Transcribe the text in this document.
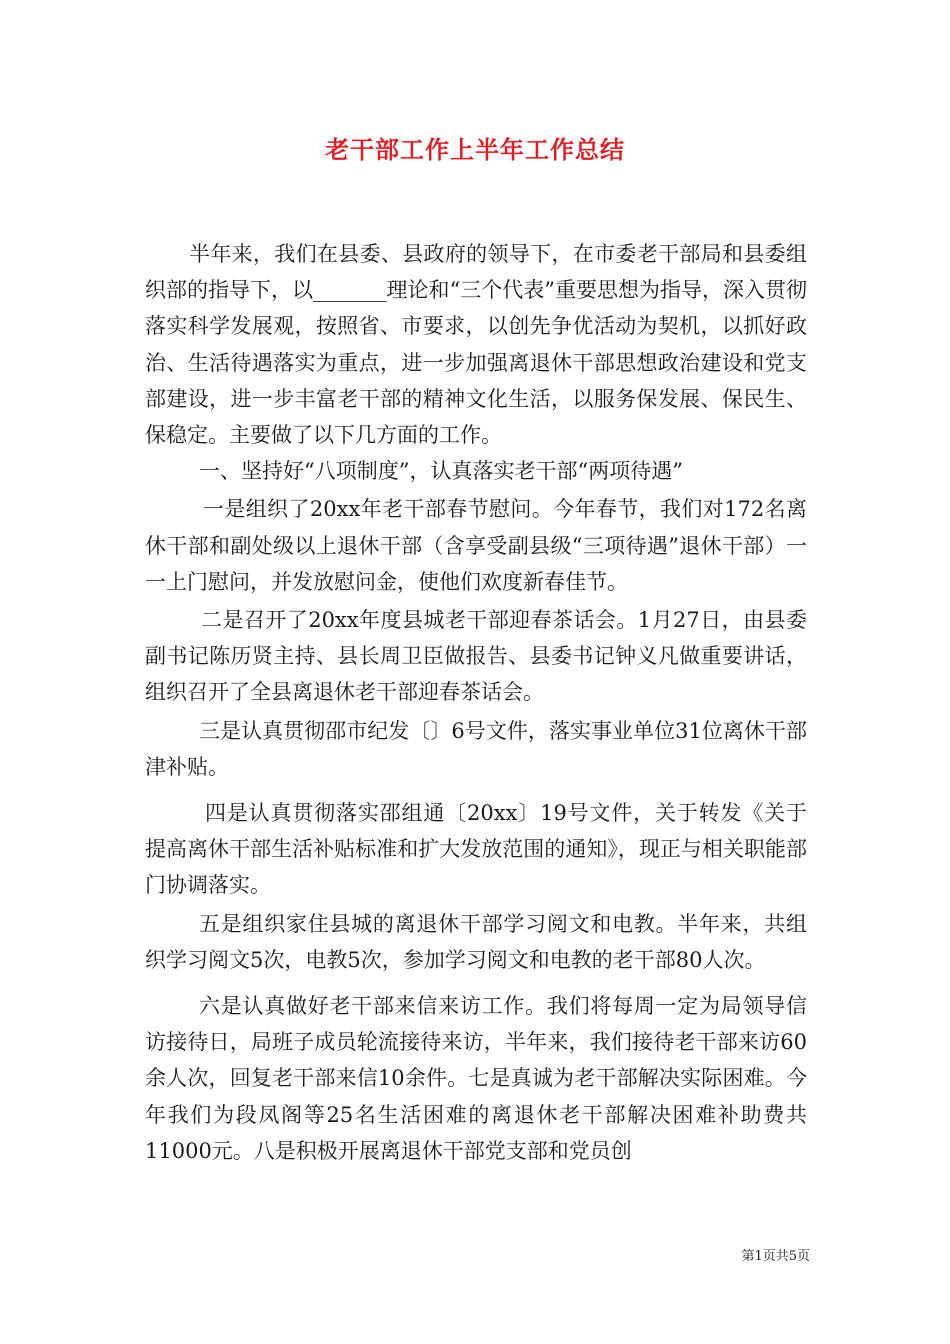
老干部工作上半年工作总结

半年来，我们在县委、县政府的领导下，在市委老干部局和县委组织部的指导下，以_______理论和“三个代表”重要思想为指导，深入贯彻落实科学发展观，按照省、市要求，以创先争优活动为契机，以抓好政治、生活待遇落实为重点，进一步加强离退休干部思想政治建设和党支部建设，进一步丰富老干部的精神文化生活，以服务保发展、保民生、保稳定。主要做了以下几方面的工作。

一、坚持好“八项制度”，认真落实老干部“两项待遇”

一是组织了20xx年老干部春节慰问。今年春节，我们对172名离休干部和副处级以上退休干部（含享受副县级“三项待遇”退休干部）一一上门慰问，并发放慰问金，使他们欢度新春佳节。

二是召开了20xx年度县城老干部迎春茶话会。1月27日，由县委副书记陈历贤主持、县长周卫臣做报告、县委书记钟义凡做重要讲话，组织召开了全县离退休老干部迎春茶话会。

三是认真贯彻邵市纪发〔〕6号文件，落实事业单位31位离休干部津补贴。

四是认真贯彻落实邵组通〔20xx〕19号文件，关于转发《关于提高离休干部生活补贴标准和扩大发放范围的通知》，现正与相关职能部门协调落实。

五是组织家住县城的离退休干部学习阅文和电教。半年来，共组织学习阅文5次，电教5次，参加学习阅文和电教的老干部80人次。

六是认真做好老干部来信来访工作。我们将每周一定为局领导信访接待日，局班子成员轮流接待来访，半年来，我们接待老干部来访60余人次，回复老干部来信10余件。七是真诚为老干部解决实际困难。今年我们为段凤阁等25名生活困难的离退休老干部解决困难补助费共11000元。八是积极开展离退休干部党支部和党员创

第1页共5页
